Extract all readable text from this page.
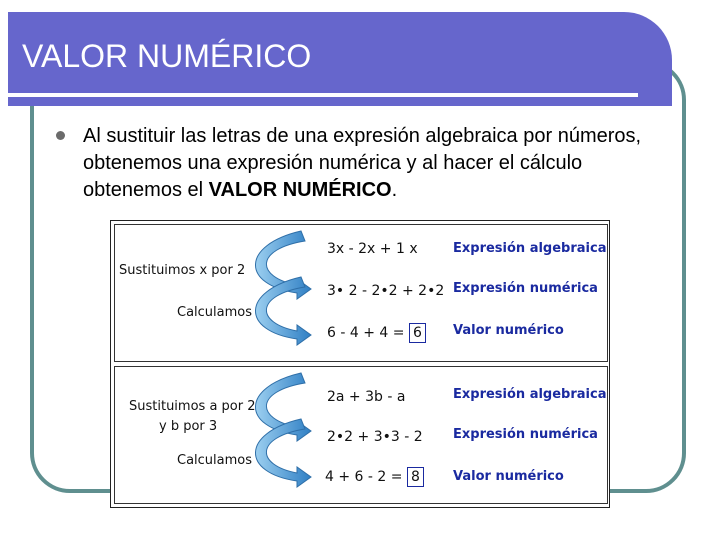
VALOR NUMÉRICO
Al sustituir las letras de una expresión algebraica por números, obtenemos una expresión numérica y al hacer el cálculo obtenemos el VALOR NUMÉRICO.
Sustituimos x por 2
Calculamos
3x - 2x + 1 x	Expresión algebraica
3• 2 - 2•2 + 2•2 Expresión numérica
6 - 4 + 4 = 6	Valor numérico
Sustituimos a por 2
y b por 3
Calculamos
2a + 3b - a	Expresión algebraica
2•2 + 3•3 - 2 Expresión numérica
4 + 6 - 2 = 8	Valor numérico
